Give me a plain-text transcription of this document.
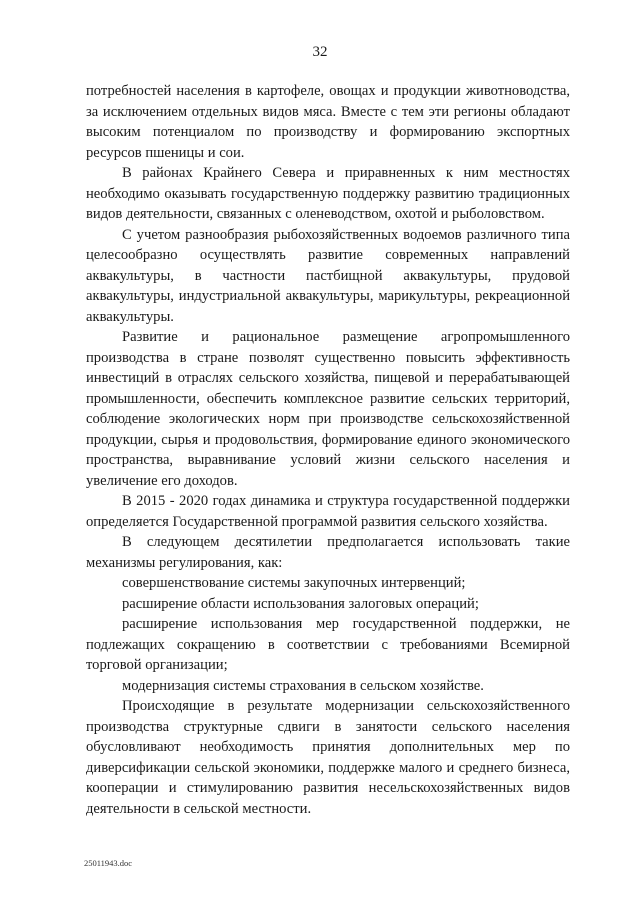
32

потребностей населения в картофеле, овощах и продукции животноводства, за исключением отдельных видов мяса. Вместе с тем эти регионы обладают высоким потенциалом по производству и формированию экспортных ресурсов пшеницы и сои.

В районах Крайнего Севера и приравненных к ним местностях необходимо оказывать государственную поддержку развитию традиционных видов деятельности, связанных с оленеводством, охотой и рыболовством.

С учетом разнообразия рыбохозяйственных водоемов различного типа целесообразно осуществлять развитие современных направлений аквакультуры, в частности пастбищной аквакультуры, прудовой аквакультуры, индустриальной аквакультуры, марикультуры, рекреационной аквакультуры.

Развитие и рациональное размещение агропромышленного производства в стране позволят существенно повысить эффективность инвестиций в отраслях сельского хозяйства, пищевой и перерабатывающей промышленности, обеспечить комплексное развитие сельских территорий, соблюдение экологических норм при производстве сельскохозяйственной продукции, сырья и продовольствия, формирование единого экономического пространства, выравнивание условий жизни сельского населения и увеличение его доходов.

В 2015 - 2020 годах динамика и структура государственной поддержки определяется Государственной программой развития сельского хозяйства.

В следующем десятилетии предполагается использовать такие механизмы регулирования, как:

совершенствование системы закупочных интервенций;

расширение области использования залоговых операций;

расширение использования мер государственной поддержки, не подлежащих сокращению в соответствии с требованиями Всемирной торговой организации;

модернизация системы страхования в сельском хозяйстве.

Происходящие в результате модернизации сельскохозяйственного производства структурные сдвиги в занятости сельского населения обусловливают необходимость принятия дополнительных мер по диверсификации сельской экономики, поддержке малого и среднего бизнеса, кооперации и стимулированию развития несельскохозяйственных видов деятельности в сельской местности.

25011943.doc
